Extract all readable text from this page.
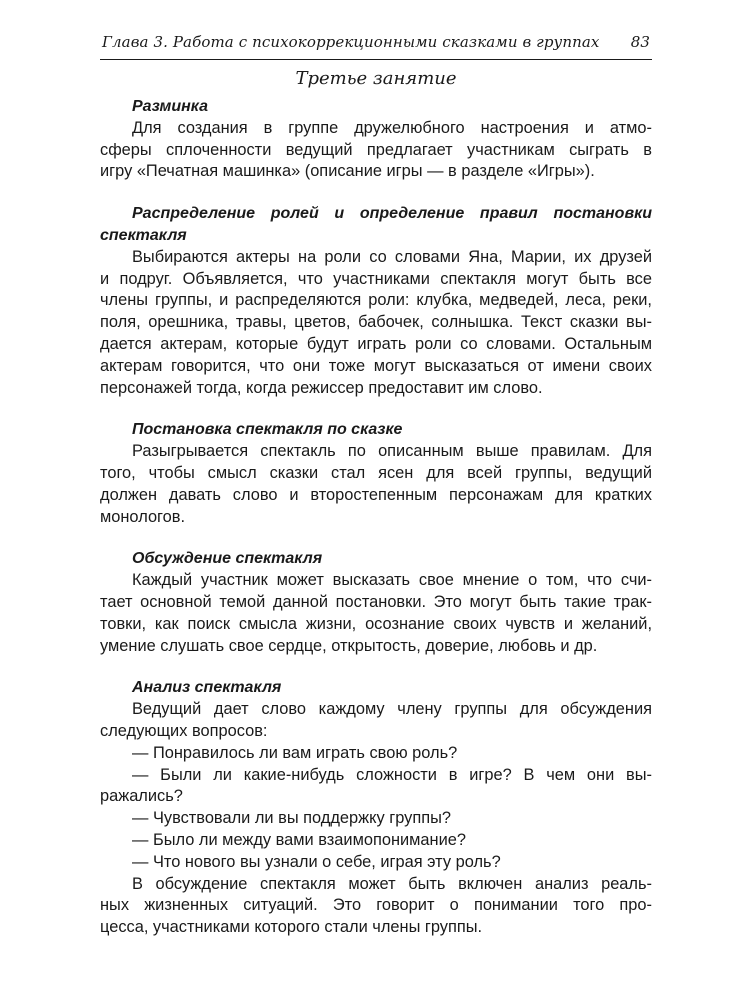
Глава 3. Работа с психокоррекционными сказками в группах 83
Третье занятие

Разминка

Для создания в группе дружелюбного настроения и атмо-
сферы сплоченности ведущий предлагает участникам сыграть в
игру «Печатная машинка» (описание игры — в разделе «Игры»).

Распределение ролей и определение правил постановки

спектакля

Выбираются актеры на роли со словами Яна, Марии, их друзей
и подруг. Объявляется, что участниками спектакля могут быть все
члены группы, и распределяются роли: клубка, медведей, леса, реки,
поля, орешника, травы, цветов, бабочек, солнышка. Текст сказки вы-
дается актерам, которые будут играть роли со словами. Остальным
актерам говорится, что они тоже могут высказаться от имени своих
персонажей тогда, когда режиссер предоставит им слово.

Постановка спектакля по сказке

Разыгрывается спектакль по описанным выше правилам. Для
того, чтобы смысл сказки стал ясен для всей группы, ведущий
должен давать слово и второстепенным персонажам для кратких
монологов.

Обсуждение спектакля

Каждый участник может высказать свое мнение о том, что счи-
тает основной темой данной постановки. Это могут быть такие трак-
товки, как поиск смысла жизни, осознание своих чувств и желаний,
умение слушать свое сердце, открытость, доверие, любовь и др.

Анализ спектакля

Ведущий дает слово каждому члену группы для обсуждения
следующих вопросов:

— Понравилось ли вам играть свою роль?
— Были ли какие-нибудь сложности в игре? В чем они вы-
ражались?
— Чувствовали ли вы поддержку группы?
— Было ли между вами взаимопонимание?
— Что нового вы узнали о себе, играя эту роль?

В обсуждение спектакля может быть включен анализ реаль-
ных жизненных ситуаций. Это говорит о понимании того про-
цесса, участниками которого стали члены группы.
